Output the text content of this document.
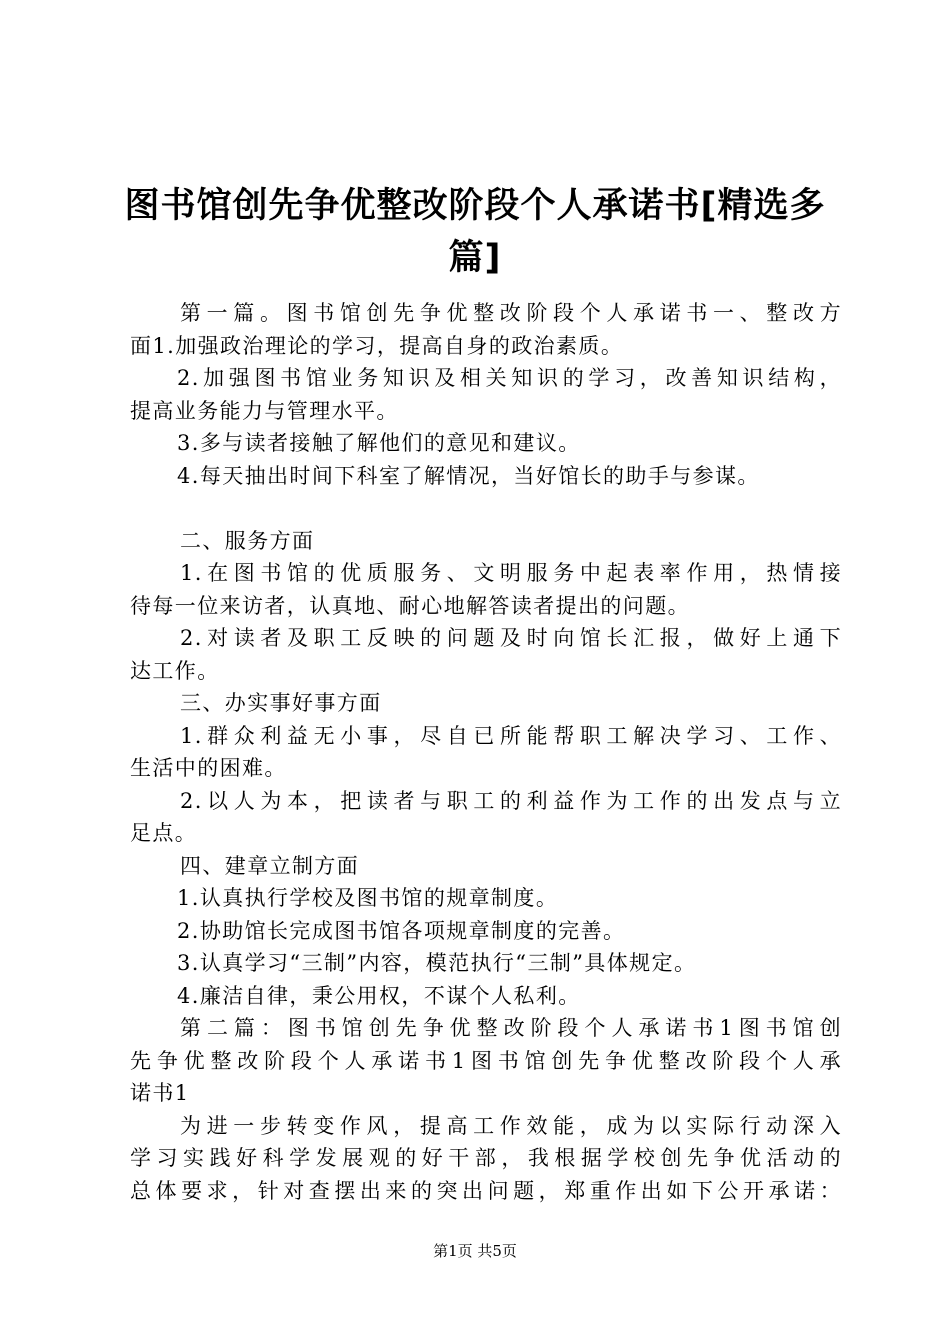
图书馆创先争优整改阶段个人承诺书[精选多
篇]
第一篇。图书馆创先争优整改阶段个人承诺书一、整改方
面1.加强政治理论的学习，提高自身的政治素质。
2.加强图书馆业务知识及相关知识的学习，改善知识结构，
提高业务能力与管理水平。
3.多与读者接触了解他们的意见和建议。
4.每天抽出时间下科室了解情况，当好馆长的助手与参谋。
二、服务方面
1.在图书馆的优质服务、文明服务中起表率作用，热情接
待每一位来访者，认真地、耐心地解答读者提出的问题。
2.对读者及职工反映的问题及时向馆长汇报，做好上通下
达工作。
三、办实事好事方面
1.群众利益无小事，尽自已所能帮职工解决学习、工作、
生活中的困难。
2.以人为本，把读者与职工的利益作为工作的出发点与立
足点。
四、建章立制方面
1.认真执行学校及图书馆的规章制度。
2.协助馆长完成图书馆各项规章制度的完善。
3.认真学习“三制”内容，模范执行“三制”具体规定。
4.廉洁自律，秉公用权，不谋个人私利。
第二篇：图书馆创先争优整改阶段个人承诺书1图书馆创
先争优整改阶段个人承诺书1图书馆创先争优整改阶段个人承
诺书1
为进一步转变作风，提高工作效能，成为以实际行动深入
学习实践好科学发展观的好干部，我根据学校创先争优活动的
总体要求，针对查摆出来的突出问题，郑重作出如下公开承诺：
第1页 共5页
